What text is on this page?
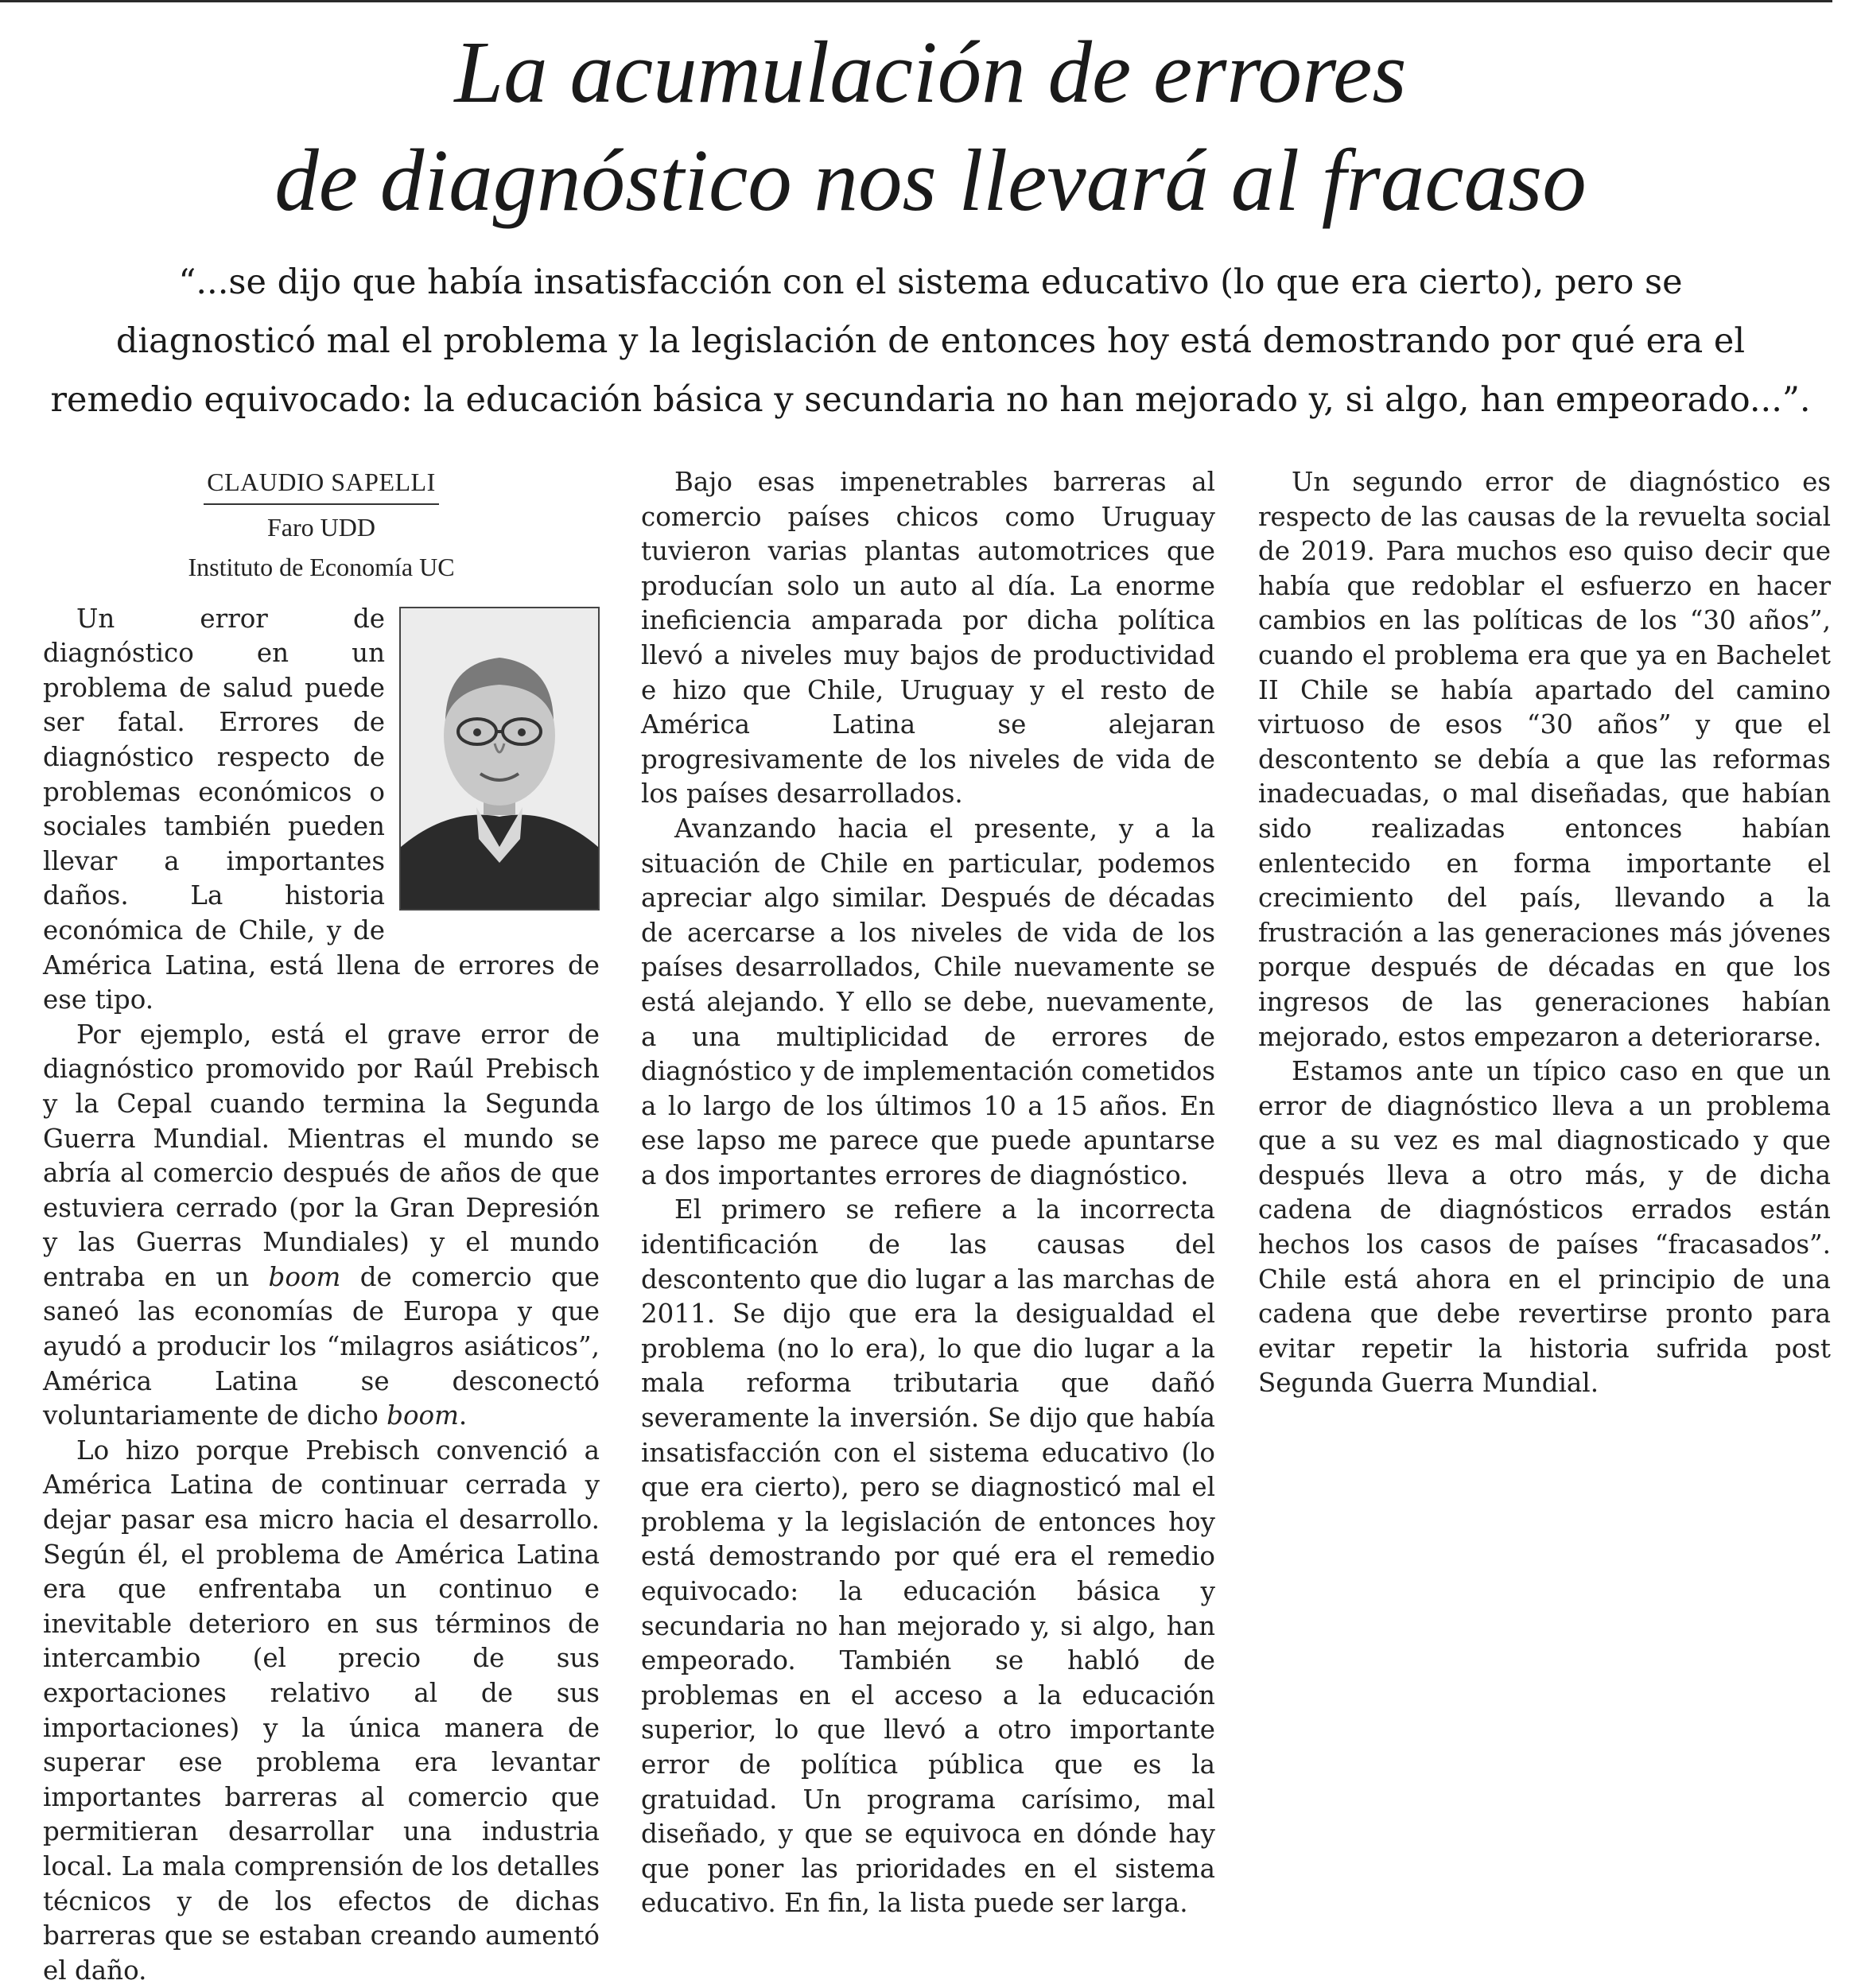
La acumulación de errores
de diagnóstico nos llevará al fracaso
“...se dijo que había insatisfacción con el sistema educativo (lo que era cierto), pero se
diagnosticó mal el problema y la legislación de entonces hoy está demostrando por qué era el
remedio equivocado: la educación básica y secundaria no han mejorado y, si algo, han empeorado...”.
CLAUDIO SAPELLI
Faro UDD
Instituto de Economía UC

Un error de diagnóstico en un problema de salud puede ser fatal. Errores de diagnóstico respecto de problemas económicos o sociales también pueden llevar a importantes daños. La historia económica de Chile, y de América Latina, está llena de errores de ese tipo.

Por ejemplo, está el grave error de diagnóstico promovido por Raúl Prebisch y la Cepal cuando termina la Segunda Guerra Mundial. Mientras el mundo se abría al comercio después de años de que estuviera cerrado (por la Gran Depresión y las Guerras Mundiales) y el mundo entraba en un boom de comercio que saneó las economías de Europa y que ayudó a producir los “milagros asiáticos”, América Latina se desconectó voluntariamente de dicho boom.

Lo hizo porque Prebisch convenció a América Latina de continuar cerrada y dejar pasar esa micro hacia el desarrollo. Según él, el problema de América Latina era que enfrentaba un continuo e inevitable deterioro en sus términos de intercambio (el precio de sus exportaciones relativo al de sus importaciones) y la única manera de superar ese problema era levantar importantes barreras al comercio que permitieran desarrollar una industria local. La mala comprensión de los detalles técnicos y de los efectos de dichas barreras que se estaban creando aumentó el daño.

Bajo esas impenetrables barreras al comercio países chicos como Uruguay tuvieron varias plantas automotrices que producían solo un auto al día. La enorme ineficiencia amparada por dicha política llevó a niveles muy bajos de productividad e hizo que Chile, Uruguay y el resto de América Latina se alejaran progresivamente de los niveles de vida de los países desarrollados.

Avanzando hacia el presente, y a la situación de Chile en particular, podemos apreciar algo similar. Después de décadas de acercarse a los niveles de vida de los países desarrollados, Chile nuevamente se está alejando. Y ello se debe, nuevamente, a una multiplicidad de errores de diagnóstico y de implementación cometidos a lo largo de los últimos 10 a 15 años. En ese lapso me parece que puede apuntarse a dos importantes errores de diagnóstico.

El primero se refiere a la incorrecta identificación de las causas del descontento que dio lugar a las marchas de 2011. Se dijo que era la desigualdad el problema (no lo era), lo que dio lugar a la mala reforma tributaria que dañó severamente la inversión. Se dijo que había insatisfacción con el sistema educativo (lo que era cierto), pero se diagnosticó mal el problema y la legislación de entonces hoy está demostrando por qué era el remedio equivocado: la educación básica y secundaria no han mejorado y, si algo, han empeorado. También se habló de problemas en el acceso a la educación superior, lo que llevó a otro importante error de política pública que es la gratuidad. Un programa carísimo, mal diseñado, y que se equivoca en dónde hay que poner las prioridades en el sistema educativo. En fin, la lista puede ser larga.

Un segundo error de diagnóstico es respecto de las causas de la revuelta social de 2019. Para muchos eso quiso decir que había que redoblar el esfuerzo en hacer cambios en las políticas de los “30 años”, cuando el problema era que ya en Bachelet II Chile se había apartado del camino virtuoso de esos “30 años” y que el descontento se debía a que las reformas inadecuadas, o mal diseñadas, que habían sido realizadas entonces habían enlentecido en forma importante el crecimiento del país, llevando a la frustración a las generaciones más jóvenes porque después de décadas en que los ingresos de las generaciones habían mejorado, estos empezaron a deteriorarse.

Estamos ante un típico caso en que un error de diagnóstico lleva a un problema que a su vez es mal diagnosticado y que después lleva a otro más, y de dicha cadena de diagnósticos errados están hechos los casos de países “fracasados”. Chile está ahora en el principio de una cadena que debe revertirse pronto para evitar repetir la historia sufrida post Segunda Guerra Mundial.
